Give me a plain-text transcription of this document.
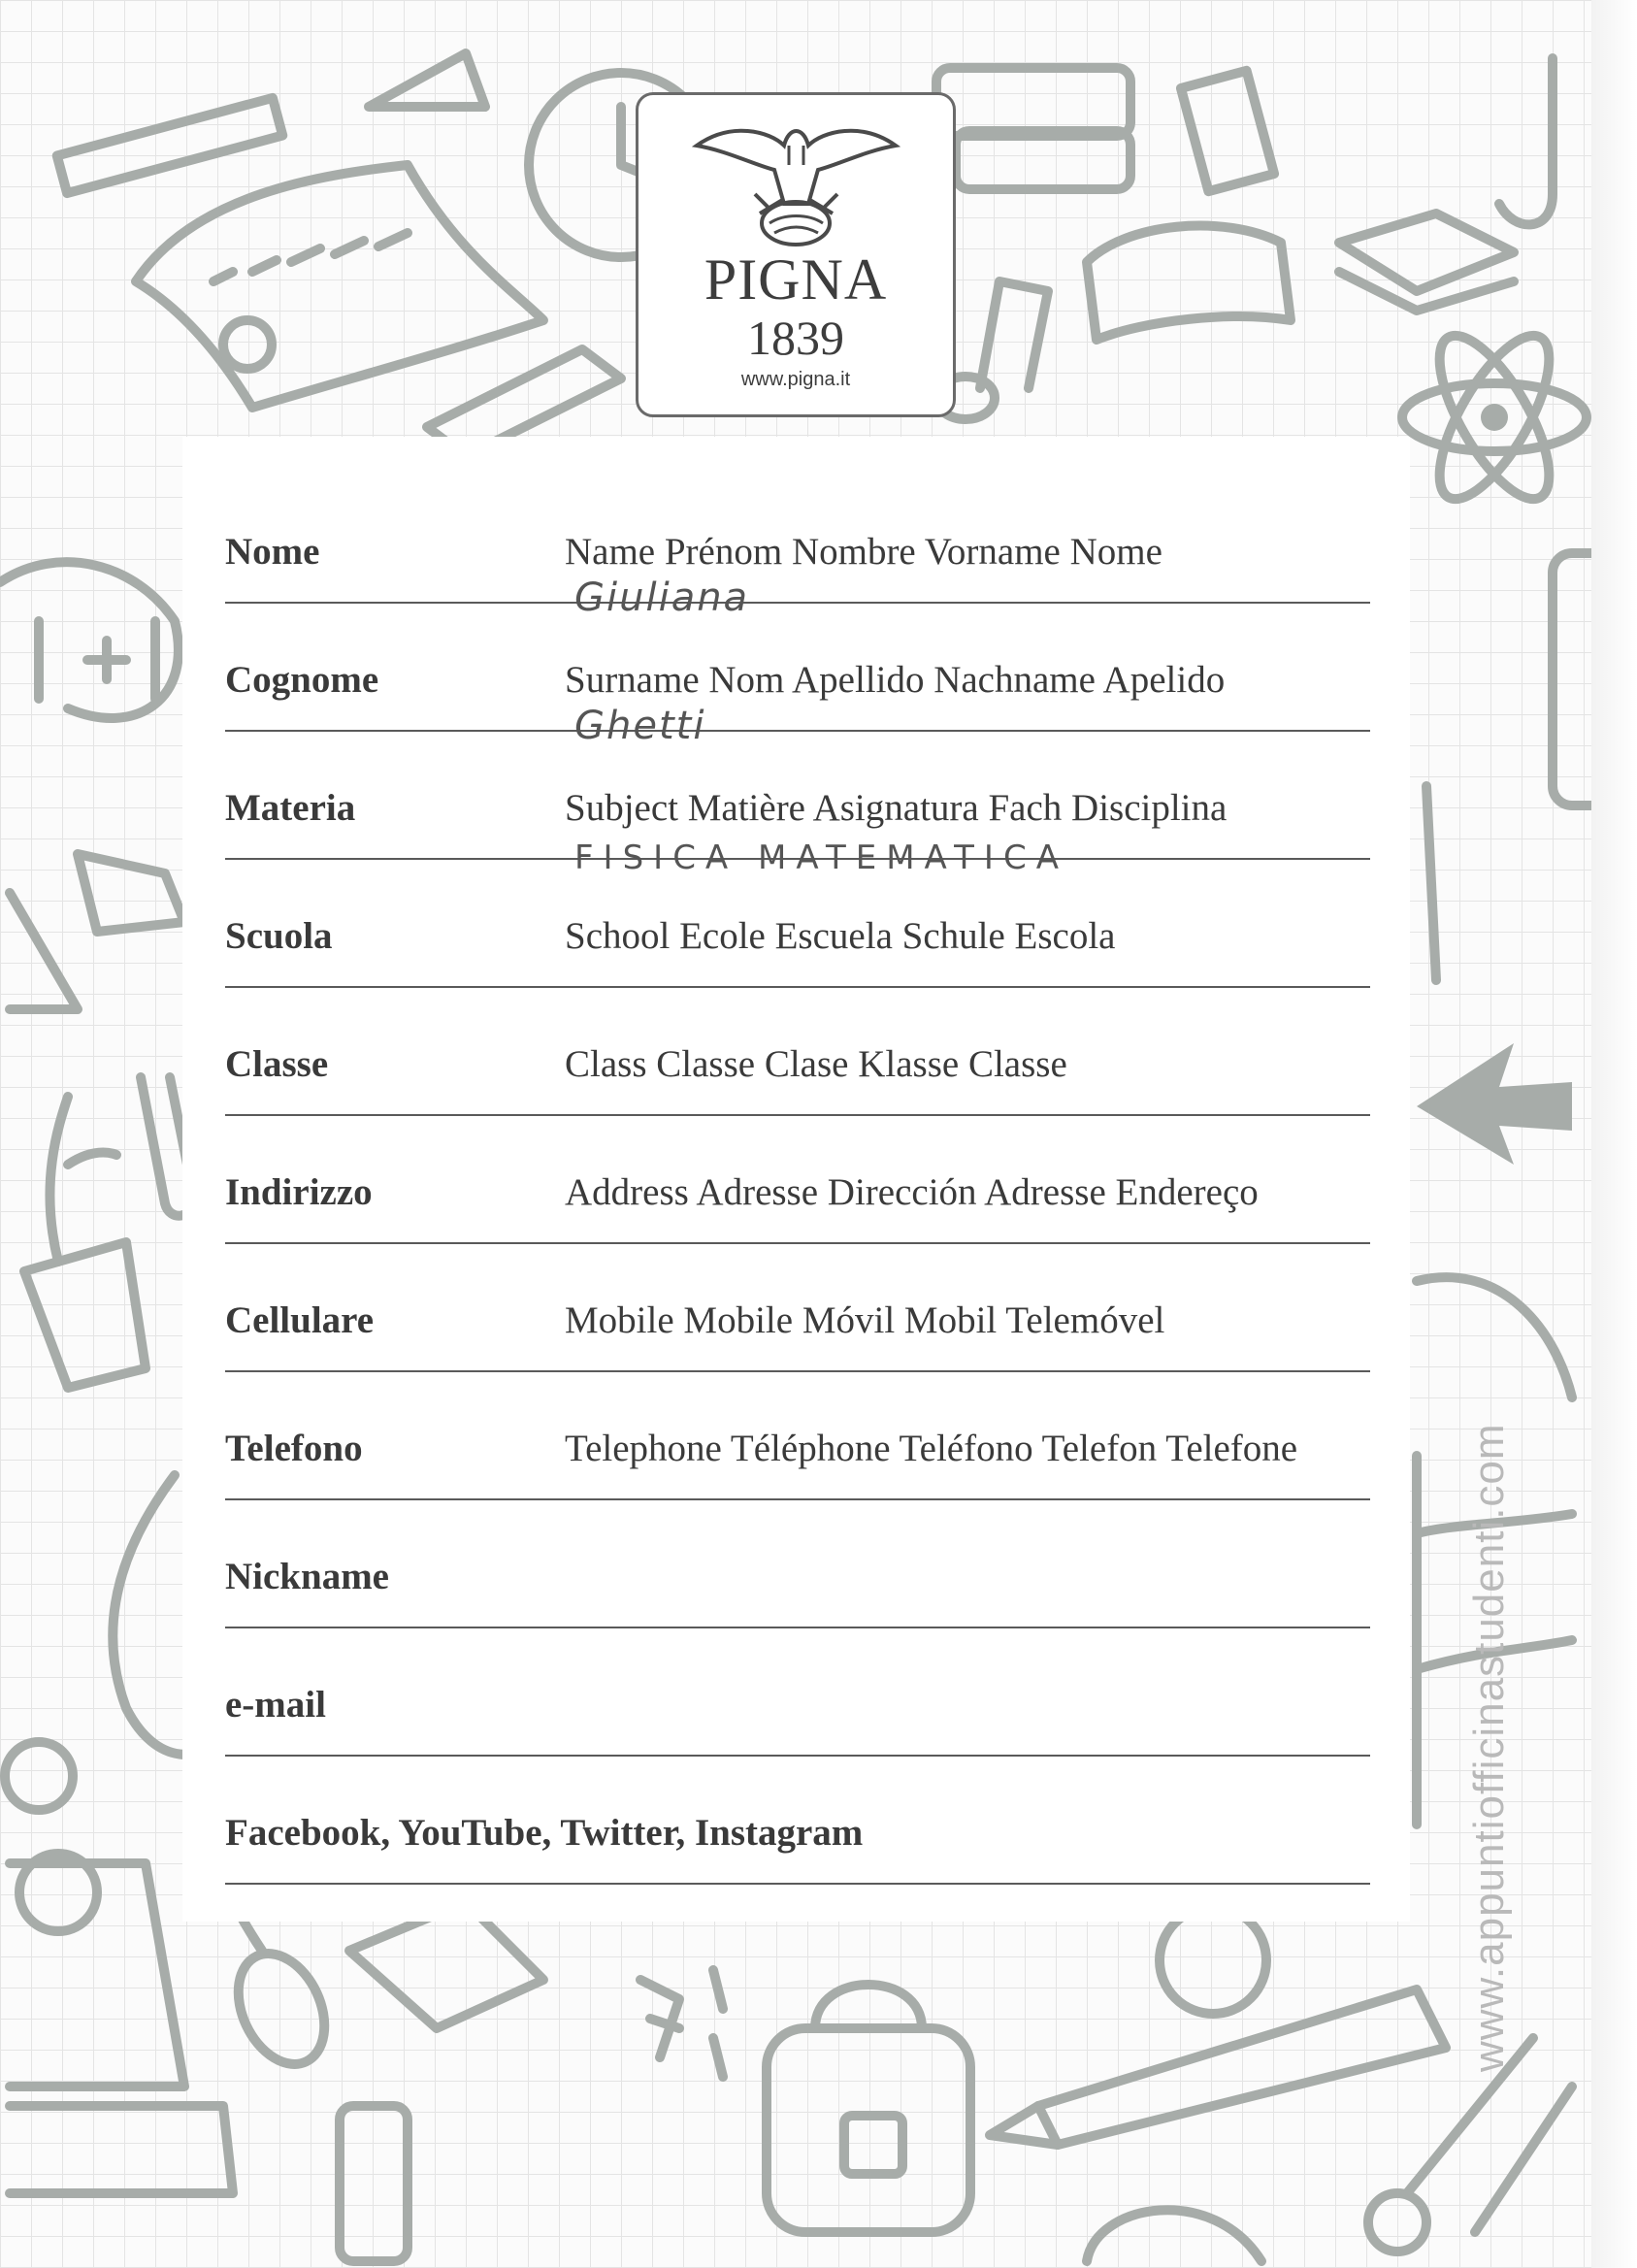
PIGNA
1839
www.pigna.it
Nome	Name Prénom Nombre Vorname Nome
Giuliana
Cognome	Surname Nom Apellido Nachname Apelido
Ghetti
Materia	Subject Matière Asignatura Fach Disciplina
FISICA MATEMATICA
Scuola	School Ecole Escuela Schule Escola
Classe	Class Classe Clase Klasse Classe
Indirizzo	Address Adresse Dirección Adresse Endereço
Cellulare	Mobile Mobile Móvil Mobil Telemóvel
Telefono	Telephone Téléphone Teléfono Telefon Telefone
Nickname
e-mail
Facebook, YouTube, Twitter, Instagram	www.appuntiofficinastudenti.com
